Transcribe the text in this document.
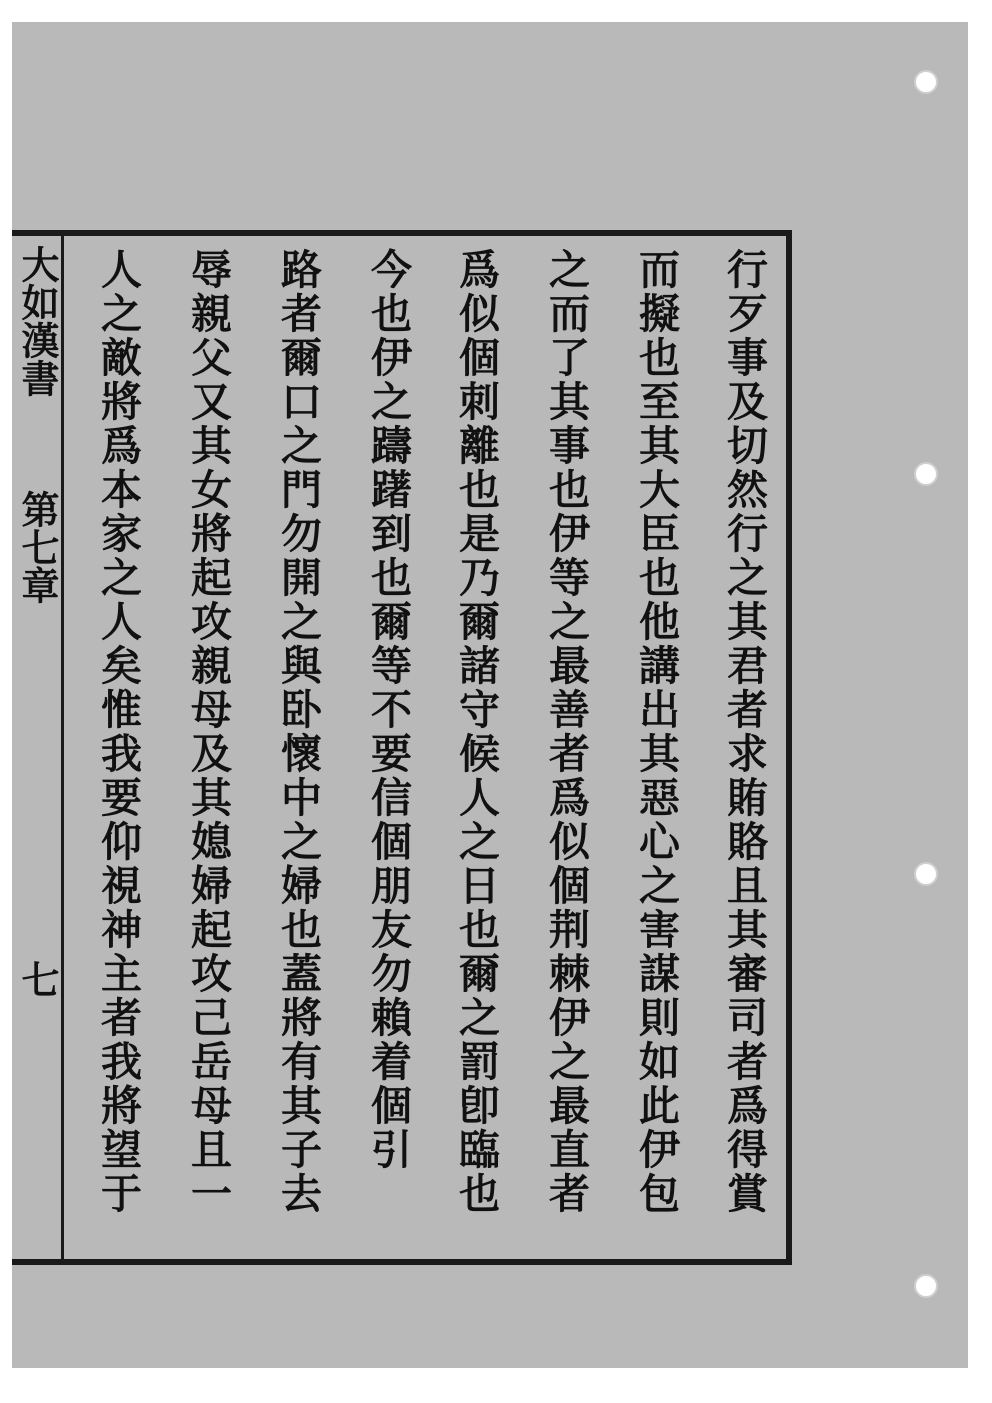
大如漢書
第七章
七	行歹事及切然行之其君者求賄賂且其審司者爲得賞
而擬也至其大臣也他講出其惡心之害謀則如此伊包
之而了其事也伊等之最善者爲似個荆棘伊之最直者
爲似個刺離也是乃爾諸守候人之日也爾之罰卽臨也
今也伊之躊躇到也爾等不要信個朋友勿賴着個引
路者爾口之門勿開之與卧懷中之婦也蓋將有其子去
辱親父又其女將起攻親母及其媳婦起攻己岳母且一
人之敵將爲本家之人矣惟我要仰視神主者我將望于
